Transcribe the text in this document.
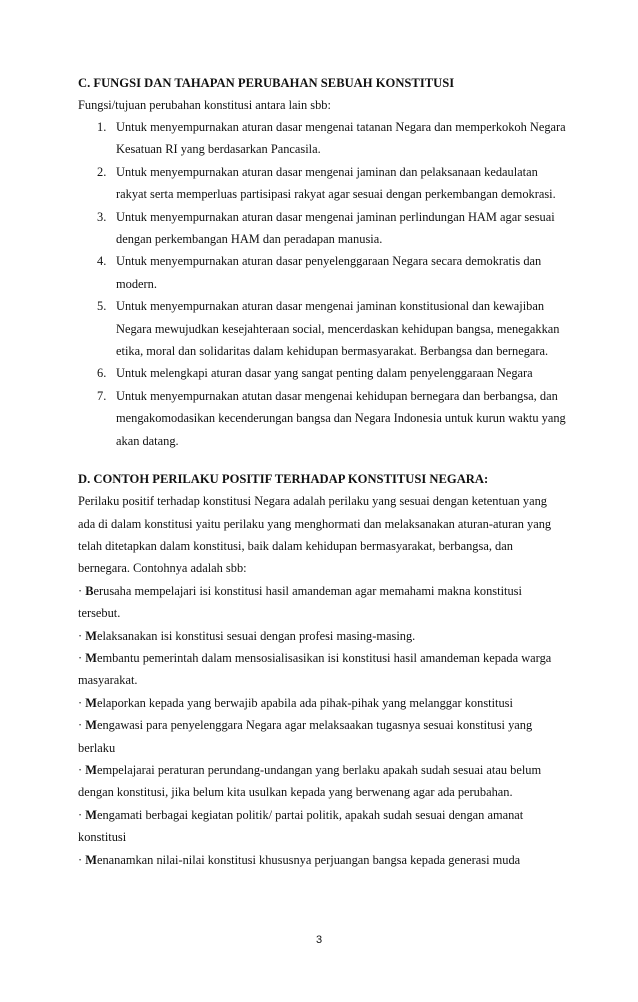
C. FUNGSI DAN TAHAPAN PERUBAHAN SEBUAH KONSTITUSI

Fungsi/tujuan perubahan konstitusi antara lain sbb:

1. Untuk menyempurnakan aturan dasar mengenai tatanan Negara dan memperkokoh Negara Kesatuan RI yang berdasarkan Pancasila.
2. Untuk menyempurnakan aturan dasar mengenai jaminan dan pelaksanaan kedaulatan rakyat serta memperluas partisipasi rakyat agar sesuai dengan perkembangan demokrasi.
3. Untuk menyempurnakan aturan dasar mengenai jaminan perlindungan HAM agar sesuai dengan perkembangan HAM dan peradapan manusia.
4. Untuk menyempurnakan aturan dasar penyelenggaraan Negara secara demokratis dan modern.
5. Untuk menyempurnakan aturan dasar mengenai jaminan konstitusional dan kewajiban Negara mewujudkan kesejahteraan social, mencerdaskan kehidupan bangsa, menegakkan etika, moral dan solidaritas dalam kehidupan bermasyarakat. Berbangsa dan bernegara.
6. Untuk melengkapi aturan dasar yang sangat penting dalam penyelenggaraan Negara
7. Untuk menyempurnakan atutan dasar mengenai kehidupan bernegara dan berbangsa, dan mengakomodasikan kecenderungan bangsa dan Negara Indonesia untuk kurun waktu yang akan datang.
D. CONTOH PERILAKU POSITIF TERHADAP KONSTITUSI NEGARA:

Perilaku positif terhadap konstitusi Negara adalah perilaku yang sesuai dengan ketentuan yang ada di dalam konstitusi yaitu perilaku yang menghormati dan melaksanakan aturan-aturan yang telah ditetapkan dalam konstitusi, baik dalam kehidupan bermasyarakat, berbangsa, dan bernegara. Contohnya adalah sbb:

· Berusaha mempelajari isi konstitusi hasil amandeman agar memahami makna konstitusi tersebut.

· Melaksanakan isi konstitusi sesuai dengan profesi masing-masing.

· Membantu pemerintah dalam mensosialisasikan isi konstitusi hasil amandeman kepada warga masyarakat.

· Melaporkan kepada yang berwajib apabila ada pihak-pihak yang melanggar konstitusi

· Mengawasi para penyelenggara Negara agar melaksaakan tugasnya sesuai konstitusi yang berlaku

· Mempelajarai peraturan perundang-undangan yang berlaku apakah sudah sesuai atau belum dengan konstitusi, jika belum kita usulkan kepada yang berwenang agar ada perubahan.

· Mengamati berbagai kegiatan politik/ partai politik, apakah sudah sesuai dengan amanat konstitusi

· Menanamkan nilai-nilai konstitusi khususnya perjuangan bangsa kepada generasi muda

3
